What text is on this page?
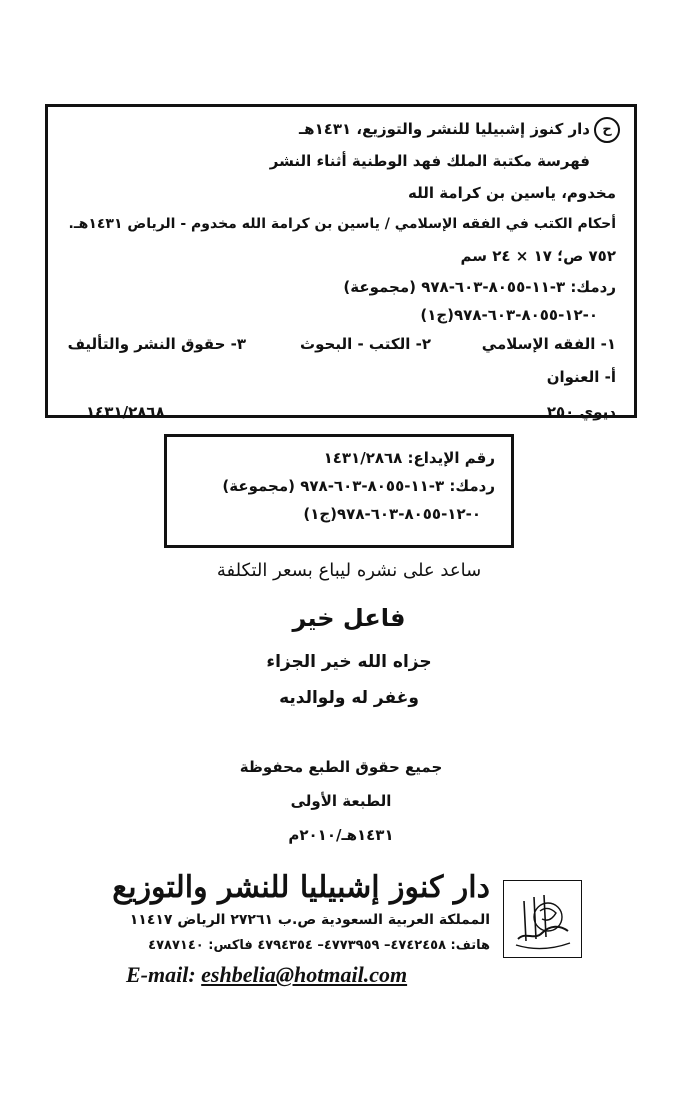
ح
دار كنوز إشبيليا للنشر والتوزيع، ١٤٣١هـ
فهرسة مكتبة الملك فهد الوطنية أثناء النشر
مخدوم، ياسين بن كرامة الله
أحكام الكتب في الفقه الإسلامي / ياسين بن كرامة الله مخدوم - الرياض ١٤٣١هـ.
٧٥٢ ص؛ ١٧ × ٢٤ سم
ردمك: ٣-١١-٨٠٥٥-٦٠٣-٩٧٨ (مجموعة)
٠-١٢-٨٠٥٥-٦٠٣-٩٧٨(ج١)
١- الفقه الإسلامي
٢- الكتب - البحوث
٣- حقوق النشر والتأليف
أ- العنوان
ديوي ٢٥٠
١٤٣١/٢٨٦٨
رقم الإيداع: ١٤٣١/٢٨٦٨
ردمك: ٣-١١-٨٠٥٥-٦٠٣-٩٧٨ (مجموعة)
٠-١٢-٨٠٥٥-٦٠٣-٩٧٨(ج١)
ساعد على نشره ليباع بسعر التكلفة
فاعل خير
جزاه الله خير الجزاء
وغفر له ولوالديه
جميع حقوق الطبع محفوظة
الطبعة الأولى
١٤٣١هـ/٢٠١٠م
دار كنوز إشبيليا للنشر والتوزيع
المملكة العربية السعودية ص.ب ٢٧٢٦١ الرياض ١١٤١٧
هاتف: ٤٧٤٢٤٥٨– ٤٧٧٣٩٥٩– ٤٧٩٤٣٥٤ فاكس: ٤٧٨٧١٤٠
E-mail: eshbelia@hotmail.com
